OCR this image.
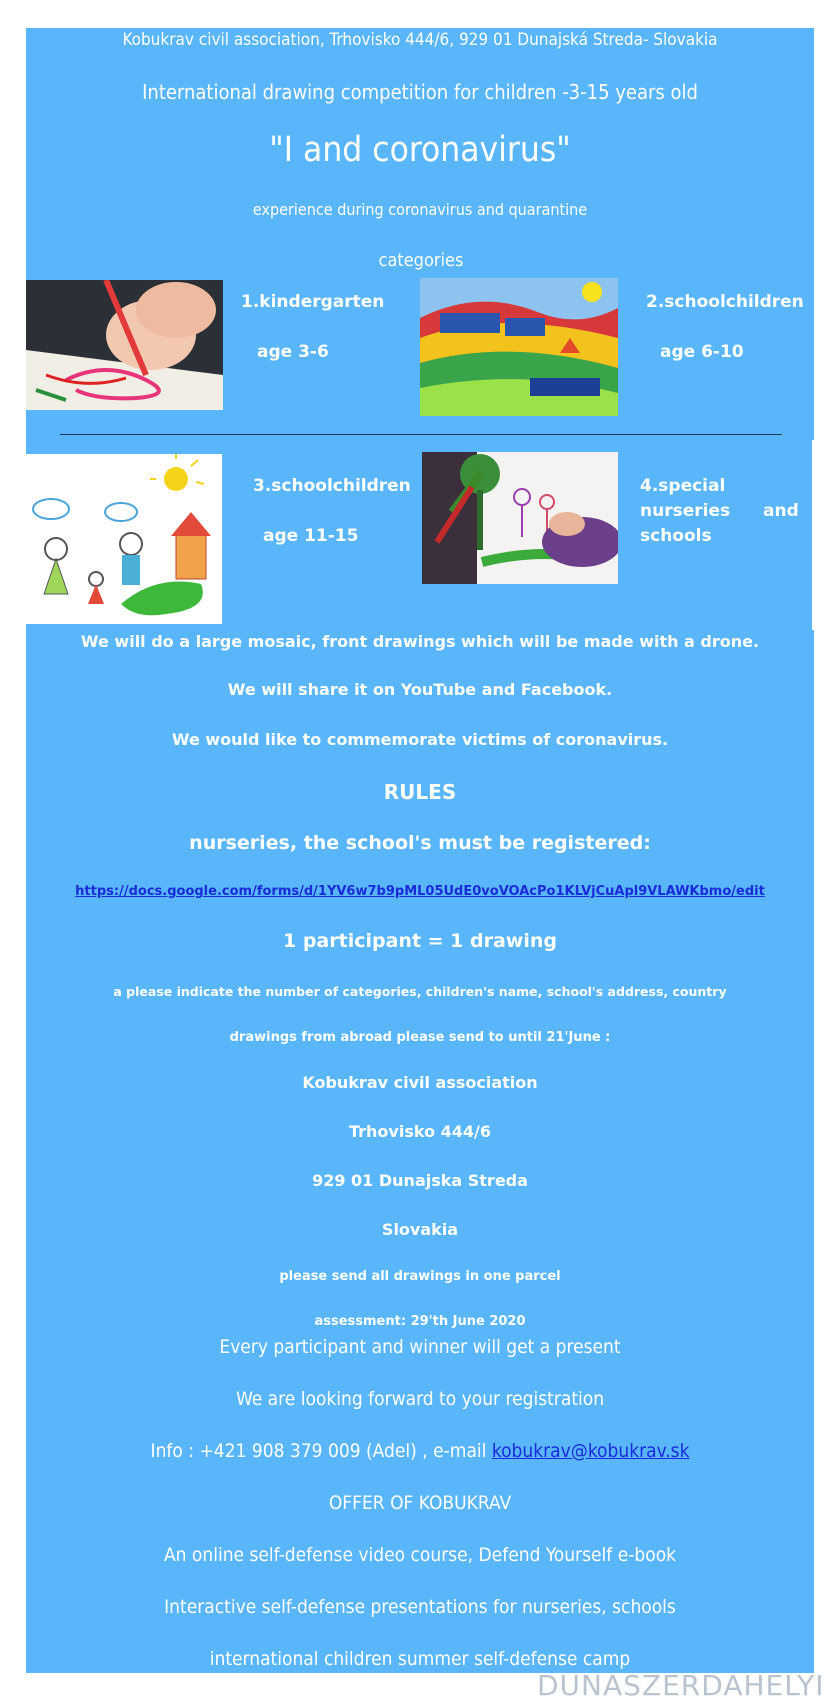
Kobukrav civil association, Trhovisko 444/6, 929 01 Dunajská Streda- Slovakia
International drawing competition for children -3-15 years old
"I and coronavirus"
experience during coronavirus and quarantine
categories
1.kindergarten
age 3-6
2.schoolchildren
age 6-10
3.schoolchildren
age 11-15
4.special
nurseries and
schools
We will do a large mosaic, front drawings which will be made with a drone.
We will share it on YouTube and Facebook.
We would like to commemorate victims of coronavirus.
RULES
nurseries, the school's must be registered:
https://docs.google.com/forms/d/1YV6w7b9pML05UdE0voVOAcPo1KLVjCuApl9VLAWKbmo/edit
1 participant = 1 drawing
a please indicate the number of categories, children's name, school's address, country
drawings from abroad please send to until 21'June :
Kobukrav civil association
Trhovisko 444/6
929 01 Dunajska Streda
Slovakia
please send all drawings in one parcel
assessment: 29'th June 2020
Every participant and winner will get a present
We are looking forward to your registration
Info : +421 908 379 009 (Adel) , e-mail kobukrav@kobukrav.sk
OFFER OF KOBUKRAV
An online self-defense video course, Defend Yourself e-book
Interactive self-defense presentations for nurseries, schools
international children summer self-defense camp
DUNASZERDAHELYI
